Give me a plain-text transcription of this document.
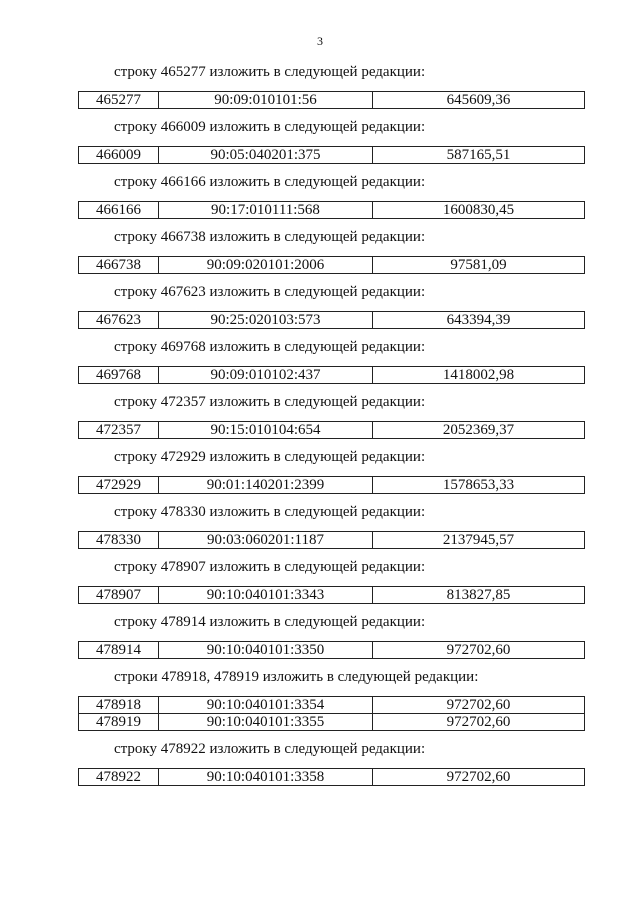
3
строку 465277 изложить в следующей редакции:
465277	90:09:010101:56	645609,36
строку 466009 изложить в следующей редакции:
466009	90:05:040201:375	587165,51
строку 466166 изложить в следующей редакции:
466166	90:17:010111:568	1600830,45
строку 466738 изложить в следующей редакции:
466738	90:09:020101:2006	97581,09
строку 467623 изложить в следующей редакции:
467623	90:25:020103:573	643394,39
строку 469768 изложить в следующей редакции:
469768	90:09:010102:437	1418002,98
строку 472357 изложить в следующей редакции:
472357	90:15:010104:654	2052369,37
строку 472929 изложить в следующей редакции:
472929	90:01:140201:2399	1578653,33
строку 478330 изложить в следующей редакции:
478330	90:03:060201:1187	2137945,57
строку 478907 изложить в следующей редакции:
478907	90:10:040101:3343	813827,85
строку 478914 изложить в следующей редакции:
478914	90:10:040101:3350	972702,60
строки 478918, 478919 изложить в следующей редакции:
478918	90:10:040101:3354	972702,60
478919	90:10:040101:3355	972702,60
строку 478922 изложить в следующей редакции:
478922	90:10:040101:3358	972702,60
